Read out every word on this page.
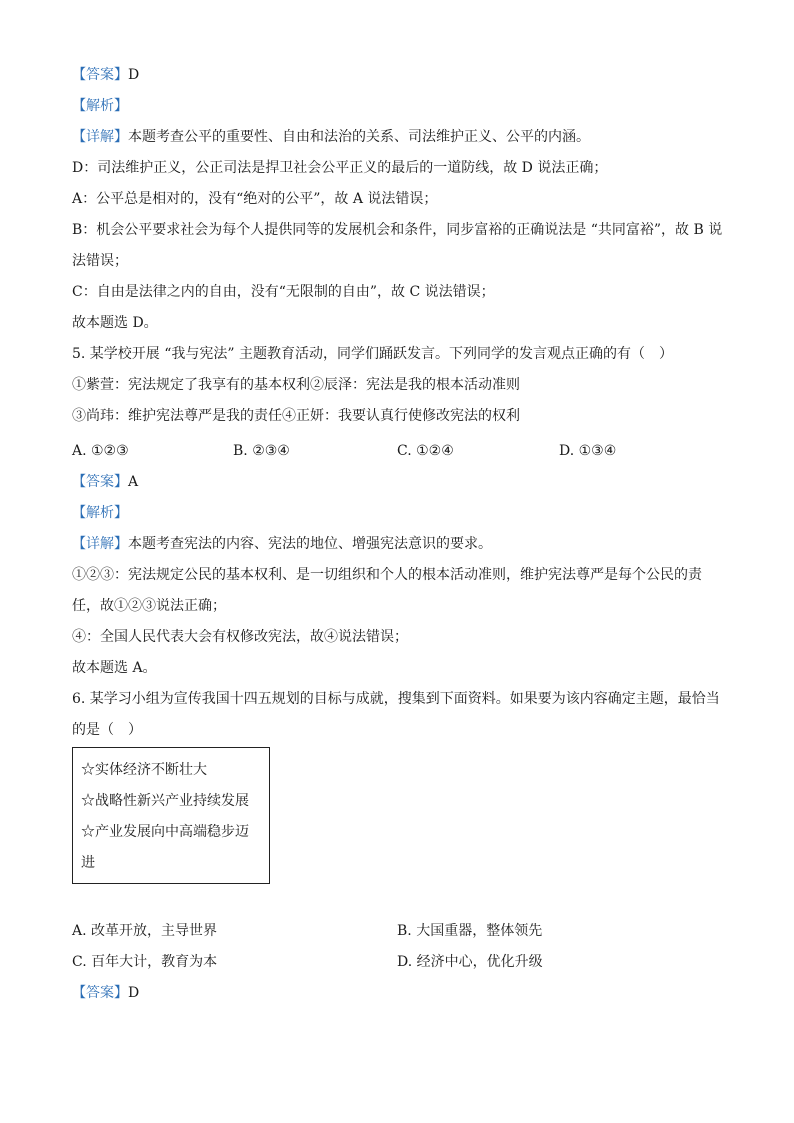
【答案】D
【解析】
【详解】本题考查公平的重要性、自由和法治的关系、司法维护正义、公平的内涵。
D：司法维护正义，公正司法是捍卫社会公平正义的最后的一道防线，故 D 说法正确；
A：公平总是相对的，没有“绝对的公平”，故 A 说法错误；
B：机会公平要求社会为每个人提供同等的发展机会和条件，同步富裕的正确说法是 “共同富裕”，故 B 说
法错误；
C：自由是法律之内的自由，没有“无限制的自由”，故 C 说法错误；
故本题选 D。
5. 某学校开展 “我与宪法” 主题教育活动，同学们踊跃发言。下列同学的发言观点正确的有（　）
①紫萱：宪法规定了我享有的基本权利②辰泽：宪法是我的根本活动准则
③尚玮：维护宪法尊严是我的责任④正妍：我要认真行使修改宪法的权利
【答案】A
【解析】
【详解】本题考查宪法的内容、宪法的地位、增强宪法意识的要求。
①②③：宪法规定公民的基本权利、是一切组织和个人的根本活动准则，维护宪法尊严是每个公民的责
任，故①②③说法正确；
④：全国人民代表大会有权修改宪法，故④说法错误；
故本题选 A。
6. 某学习小组为宣传我国十四五规划的目标与成就，搜集到下面资料。如果要为该内容确定主题，最恰当
的是（　）
A. ①②③	B. ②③④	C. ①②④	D. ①③④
☆实体经济不断壮大
☆战略性新兴产业持续发展
☆产业发展向中高端稳步迈
进
A. 改革开放，主导世界	B. 大国重器，整体领先
C. 百年大计，教育为本	D. 经济中心，优化升级
【答案】D
